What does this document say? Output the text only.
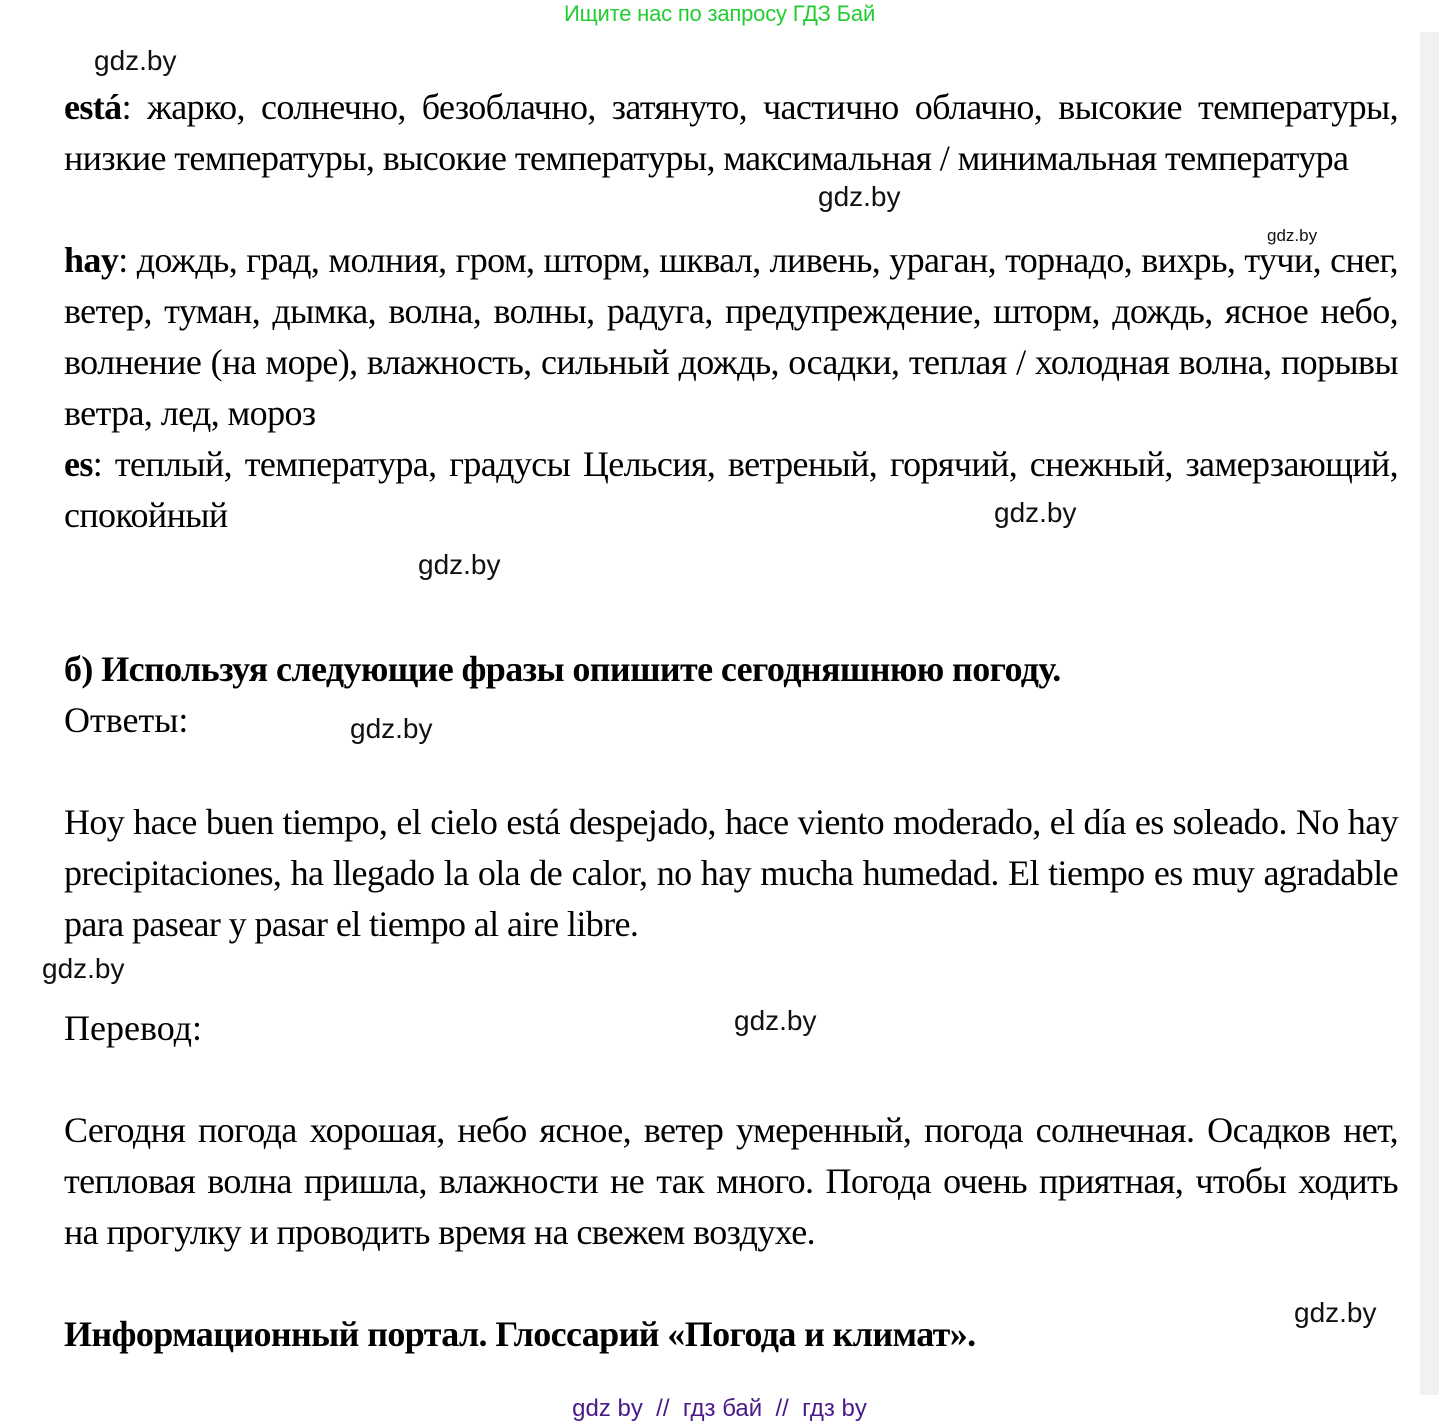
Ищите нас по запросу ГДЗ Бай
gdz.by
gdz.by
gdz.by
gdz.by
gdz.by
gdz.by
gdz.by
gdz.by
gdz.by
está: жарко, солнечно, безоблачно, затянуто, частично облачно, высокие температуры, низкие температуры, высокие температуры, максимальная / минимальная температура
hay: дождь, град, молния, гром, шторм, шквал, ливень, ураган, торнадо, вихрь, тучи, снег, ветер, туман, дымка, волна, волны, радуга, предупреждение, шторм, дождь, ясное небо, волнение (на море), влажность, сильный дождь, осадки, теплая / холодная волна, порывы ветра, лед, мороз
es: теплый, температура, градусы Цельсия, ветреный, горячий, снежный, замерзающий, спокойный
б) Используя следующие фразы опишите сегодняшнюю погоду.
Ответы:
Hoy hace buen tiempo, el cielo está despejado, hace viento moderado, el día es soleado. No hay precipitaciones, ha llegado la ola de calor, no hay mucha humedad. El tiempo es muy agradable para pasear y pasar el tiempo al aire libre.
Перевод:
Сегодня погода хорошая, небо ясное, ветер умеренный, погода солнечная. Осадков нет, тепловая волна пришла, влажности не так много. Погода очень приятная, чтобы ходить на прогулку и проводить время на свежем воздухе.
Информационный портал. Глоссарий «Погода и климат».
gdz by  //  гдз бай  //  гдз by
